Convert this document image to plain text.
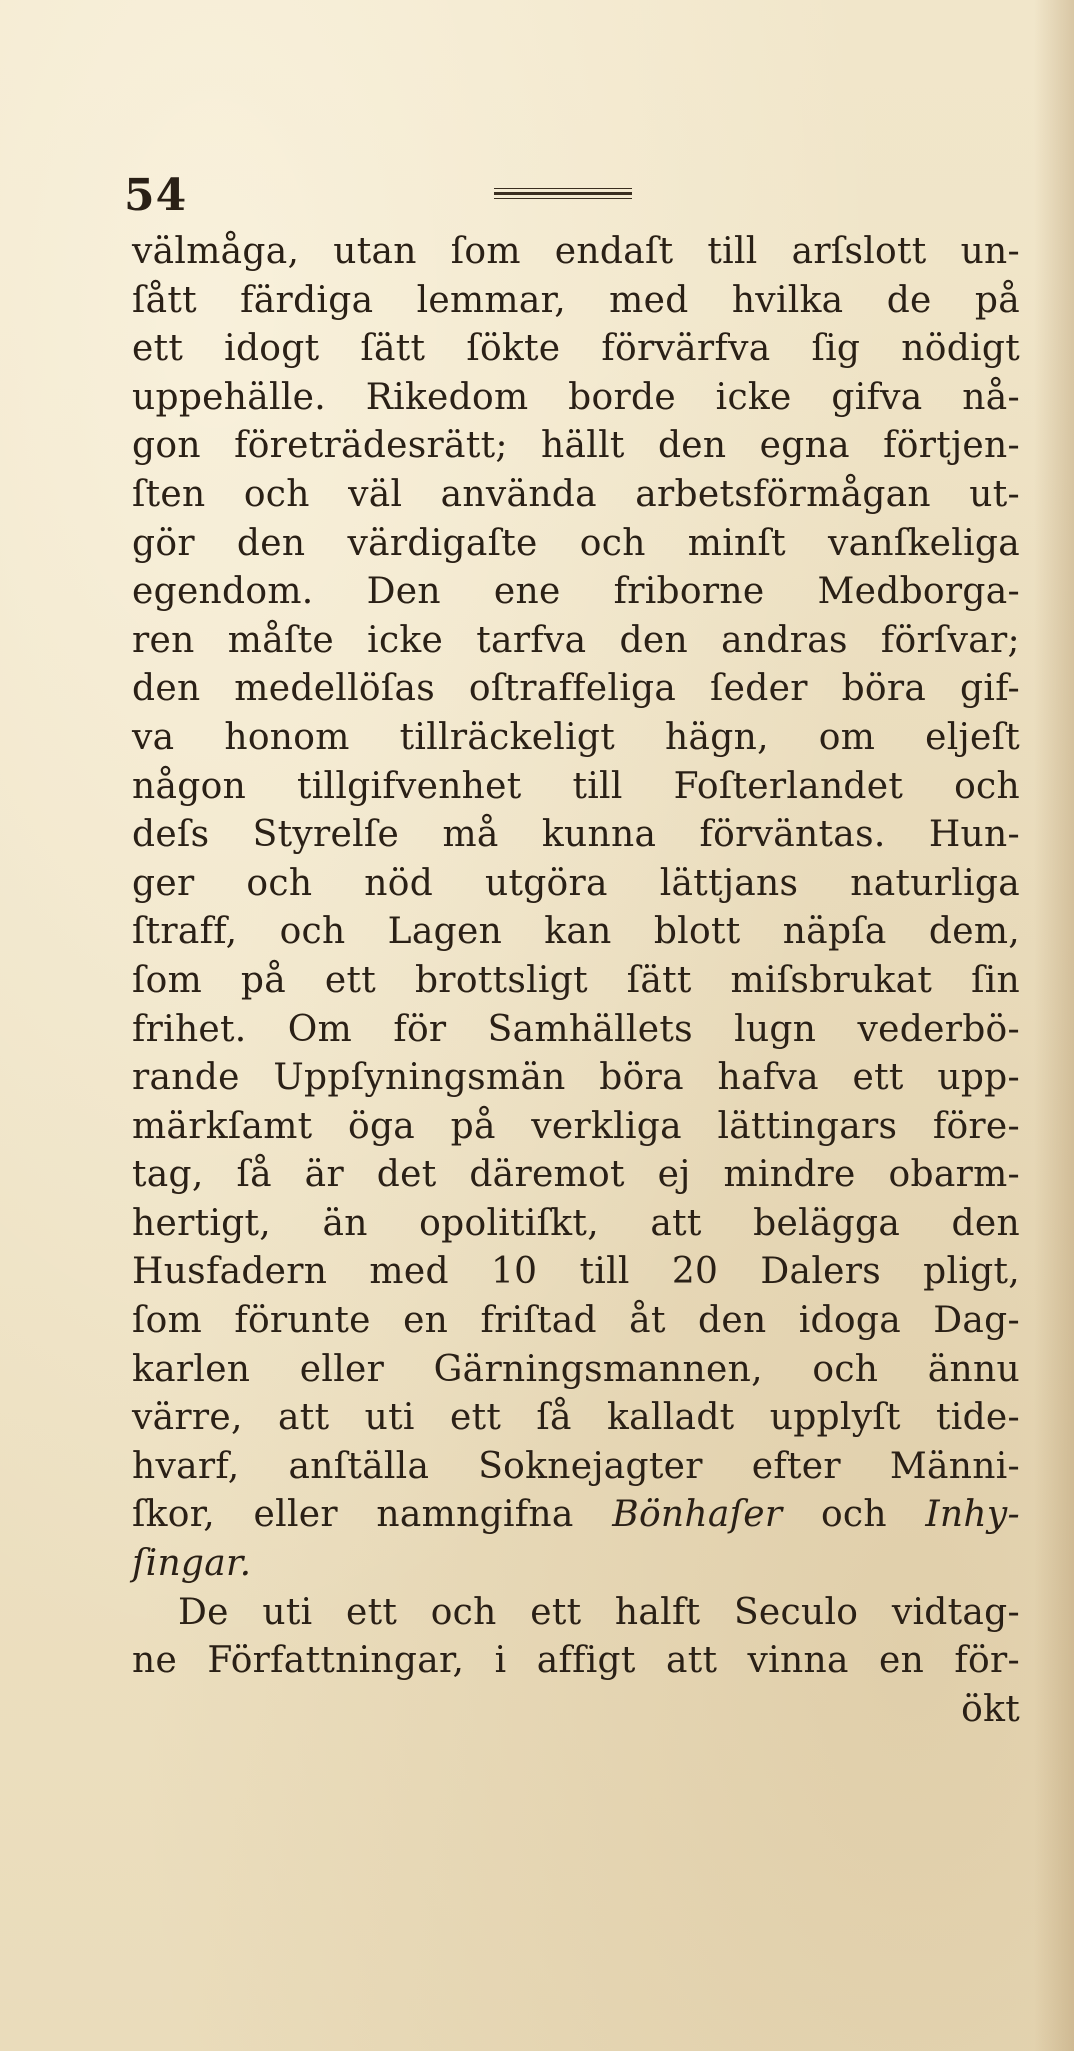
54
välmåga, utan ſom endaſt till arſslott un-
ſått färdiga lemmar, med hvilka de på
ett idogt ſätt ſökte förvärfva ſig nödigt
uppehälle. Rikedom borde icke gifva nå-
gon företrädesrätt; hällt den egna förtjen-
ſten och väl använda arbetsförmågan ut-
gör den värdigaſte och minſt vanſkeliga
egendom. Den ene friborne Medborga-
ren måſte icke tarfva den andras förſvar;
den medellöſas oſtraffeliga ſeder böra gif-
va honom tillräckeligt hägn, om eljeſt
någon tillgifvenhet till Foſterlandet och
deſs Styrelſe må kunna förväntas. Hun-
ger och nöd utgöra lättjans naturliga
ſtraff, och Lagen kan blott näpſa dem,
ſom på ett brottsligt ſätt miſsbrukat ſin
frihet. Om för Samhällets lugn vederbö-
rande Uppſyningsmän böra hafva ett upp-
märkſamt öga på verkliga lättingars före-
tag, ſå är det däremot ej mindre obarm-
hertigt, än opolitiſkt, att belägga den
Husfadern med 10 till 20 Dalers pligt,
ſom förunte en friſtad åt den idoga Dag-
karlen eller Gärningsmannen, och ännu
värre, att uti ett ſå kalladt upplyſt tide-
hvarf, anſtälla Soknejagter efter Männi-
ſkor, eller namngifna Bönhaſer och Inhy-
ſingar.
De uti ett och ett halft Seculo vidtag-
ne Författningar, i affigt att vinna en för-
ökt
